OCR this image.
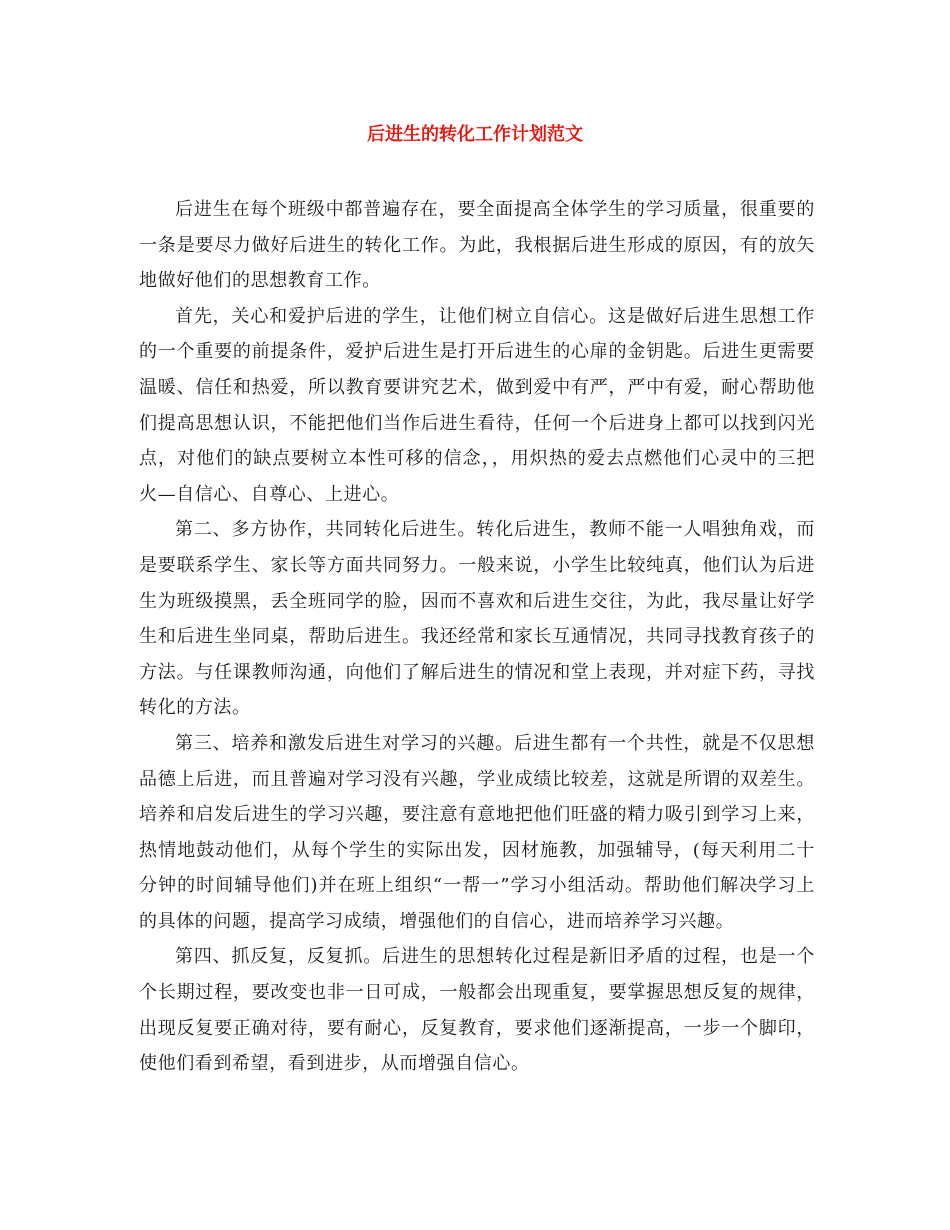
后进生的转化工作计划范文

后进生在每个班级中都普遍存在，要全面提高全体学生的学习质量，很重要的一条是要尽力做好后进生的转化工作。为此，我根据后进生形成的原因，有的放矢地做好他们的思想教育工作。

首先，关心和爱护后进的学生，让他们树立自信心。这是做好后进生思想工作的一个重要的前提条件，爱护后进生是打开后进生的心扉的金钥匙。后进生更需要温暖、信任和热爱，所以教育要讲究艺术，做到爱中有严，严中有爱，耐心帮助他们提高思想认识，不能把他们当作后进生看待，任何一个后进身上都可以找到闪光点，对他们的缺点要树立本性可移的信念，，用炽热的爱去点燃他们心灵中的三把火—自信心、自尊心、上进心。

第二、多方协作，共同转化后进生。转化后进生，教师不能一人唱独角戏，而是要联系学生、家长等方面共同努力。一般来说，小学生比较纯真，他们认为后进生为班级摸黑，丢全班同学的脸，因而不喜欢和后进生交往，为此，我尽量让好学生和后进生坐同桌，帮助后进生。我还经常和家长互通情况，共同寻找教育孩子的方法。与任课教师沟通，向他们了解后进生的情况和堂上表现，并对症下药，寻找转化的方法。

第三、培养和激发后进生对学习的兴趣。后进生都有一个共性，就是不仅思想品德上后进，而且普遍对学习没有兴趣，学业成绩比较差，这就是所谓的双差生。培养和启发后进生的学习兴趣，要注意有意地把他们旺盛的精力吸引到学习上来，热情地鼓动他们，从每个学生的实际出发，因材施教，加强辅导，(每天利用二十分钟的时间辅导他们)并在班上组织“一帮一”学习小组活动。帮助他们解决学习上的具体的问题，提高学习成绩，增强他们的自信心，进而培养学习兴趣。

第四、抓反复，反复抓。后进生的思想转化过程是新旧矛盾的过程，也是一个个长期过程，要改变也非一日可成，一般都会出现重复，要掌握思想反复的规律，出现反复要正确对待，要有耐心，反复教育，要求他们逐渐提高，一步一个脚印，使他们看到希望，看到进步，从而增强自信心。
